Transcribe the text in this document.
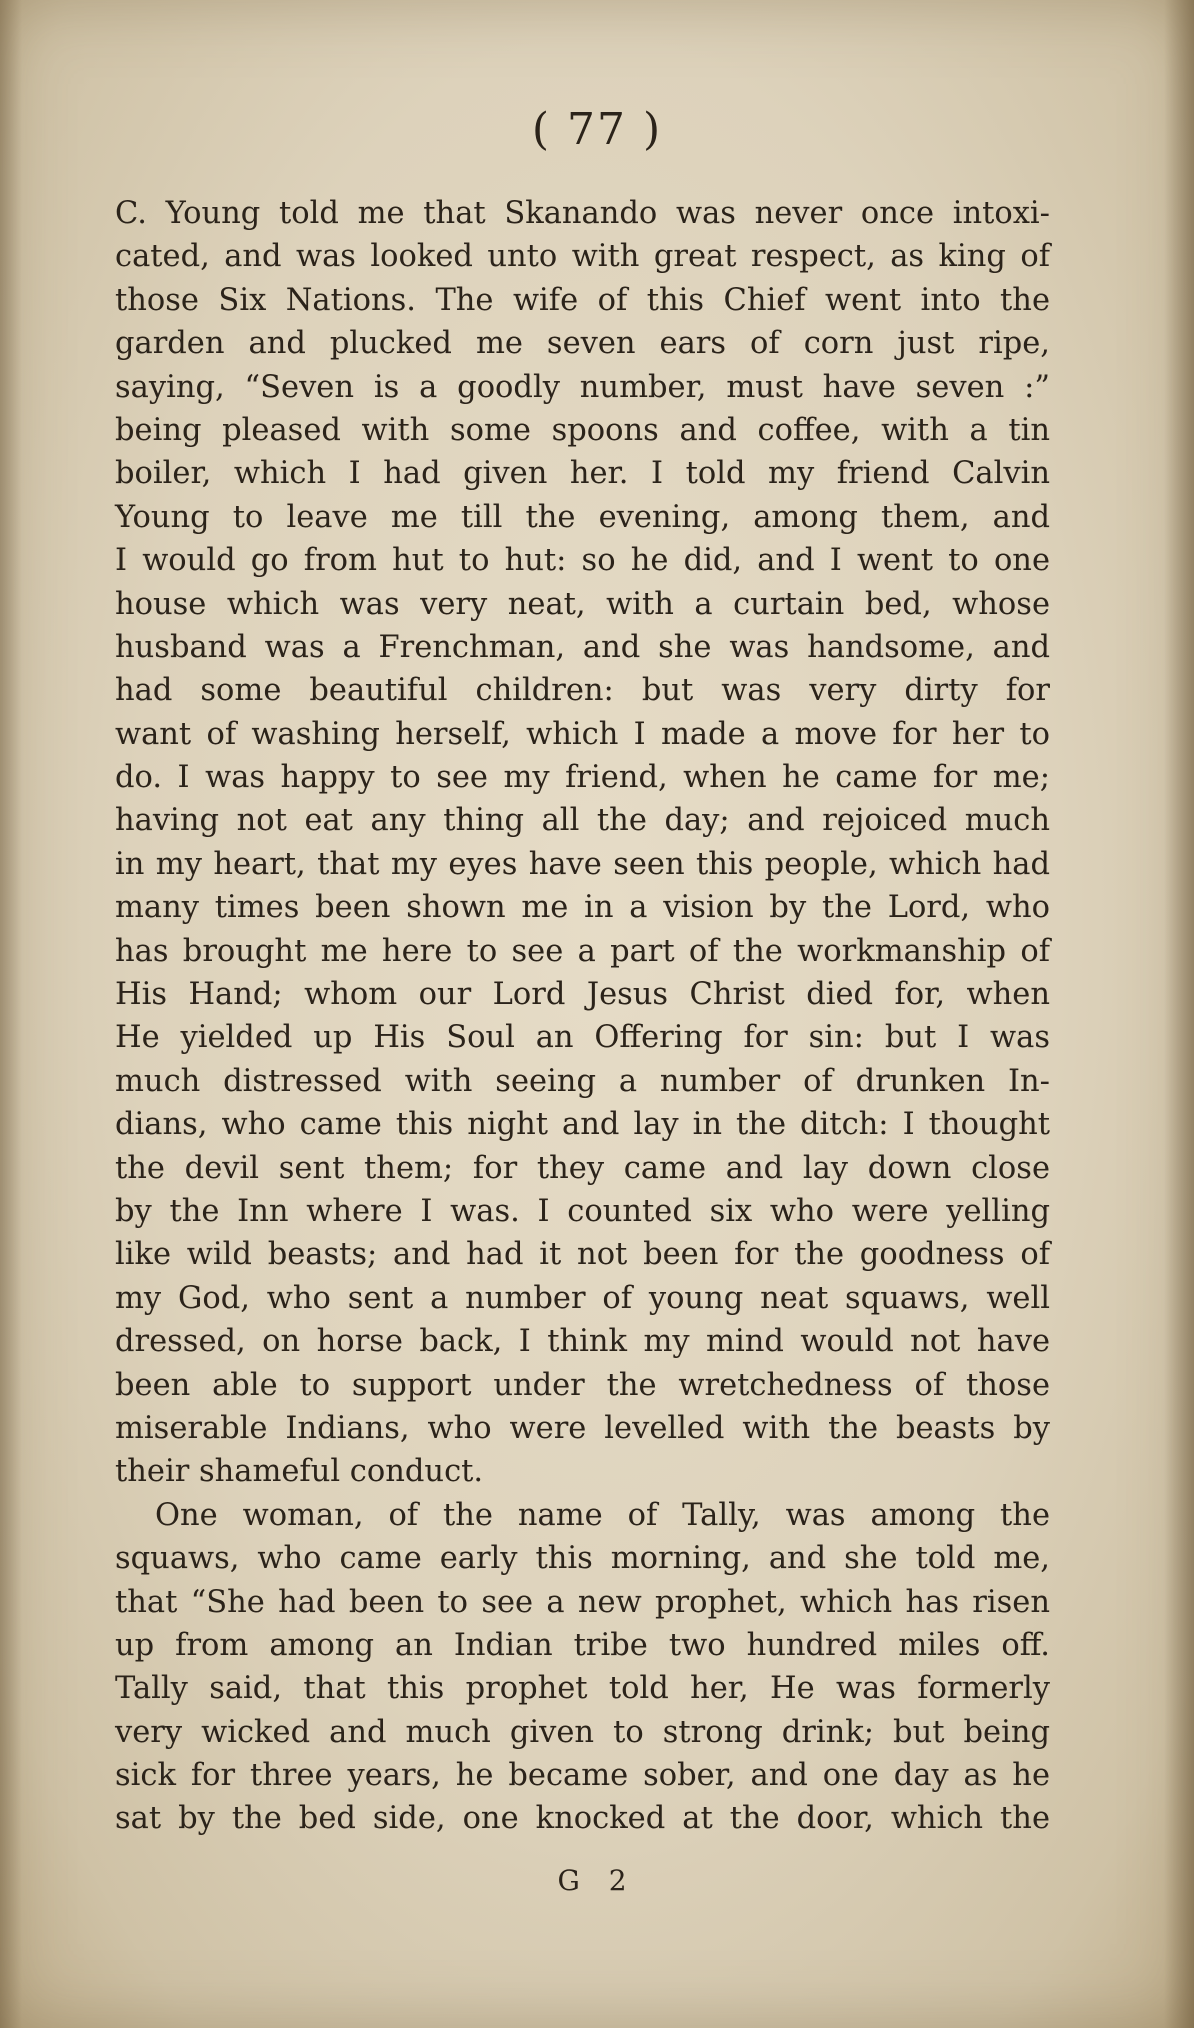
( 77 )
C. Young told me that Skanando was never once intoxi-
cated, and was looked unto with great respect, as king of
those Six Nations. The wife of this Chief went into the
garden and plucked me seven ears of corn just ripe,
saying, “Seven is a goodly number, must have seven :”
being pleased with some spoons and coffee, with a tin
boiler, which I had given her. I told my friend Calvin
Young to leave me till the evening, among them, and
I would go from hut to hut: so he did, and I went to one
house which was very neat, with a curtain bed, whose
husband was a Frenchman, and she was handsome, and
had some beautiful children: but was very dirty for
want of washing herself, which I made a move for her to
do. I was happy to see my friend, when he came for me;
having not eat any thing all the day; and rejoiced much
in my heart, that my eyes have seen this people, which had
many times been shown me in a vision by the Lord, who
has brought me here to see a part of the workmanship of
His Hand; whom our Lord Jesus Christ died for, when
He yielded up His Soul an Offering for sin: but I was
much distressed with seeing a number of drunken In-
dians, who came this night and lay in the ditch: I thought
the devil sent them; for they came and lay down close
by the Inn where I was. I counted six who were yelling
like wild beasts; and had it not been for the goodness of
my God, who sent a number of young neat squaws, well
dressed, on horse back, I think my mind would not have
been able to support under the wretchedness of those
miserable Indians, who were levelled with the beasts by
their shameful conduct.
One woman, of the name of Tally, was among the
squaws, who came early this morning, and she told me,
that “She had been to see a new prophet, which has risen
up from among an Indian tribe two hundred miles off.
Tally said, that this prophet told her, He was formerly
very wicked and much given to strong drink; but being
sick for three years, he became sober, and one day as he
sat by the bed side, one knocked at the door, which the
G 2
